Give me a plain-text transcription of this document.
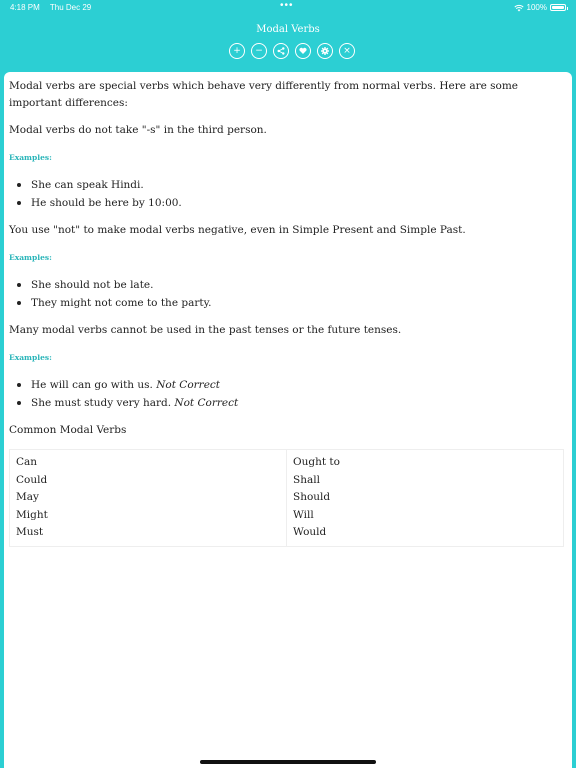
4:18 PM Thu Dec 29	•••	100%
Modal Verbs
+ −	×

Modal verbs are special verbs which behave very differently from normal verbs. Here are some important differences:

Modal verbs do not take "-s" in the third person.

Examples:

• She can speak Hindi.
• He should be here by 10:00.

You use "not" to make modal verbs negative, even in Simple Present and Simple Past.

Examples:

• She should not be late.
• They might not come to the party.

Many modal verbs cannot be used in the past tenses or the future tenses.

Examples:

• He will can go with us. Not Correct
• She must study very hard. Not Correct

Common Modal Verbs

Can	Ought to
Could	Shall
May	Should
Might	Will
Must	Would
